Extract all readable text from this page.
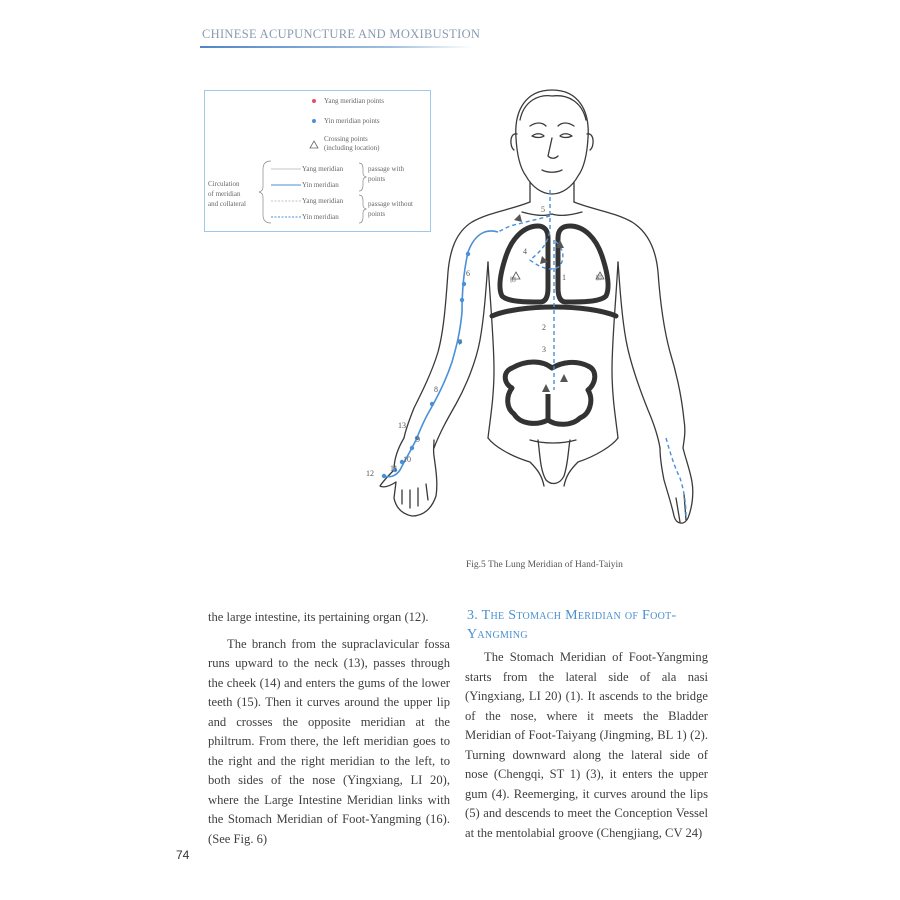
CHINESE ACUPUNCTURE AND MOXIBUSTION
Yang meridian points
Yin meridian points
Crossing points
(including location)
Circulation
of meridian
and collateral
Yang meridian
Yin meridian
Yang meridian
Yin meridian
passage with
points
passage without
points
1
2
3
4
5
6
7
8
9
10
11
12
13
肺	肺
Fig.5 The Lung Meridian of Hand-Taiyin

the large intestine, its pertaining organ (12).

The branch from the supraclavicular fossa runs upward to the neck (13), passes through the cheek (14) and enters the gums of the lower teeth (15). Then it curves around the upper lip and crosses the opposite meridian at the philtrum. From there, the left meridian goes to the right and the right meridian to the left, to both sides of the nose (Yingxiang, LI 20), where the Large Intestine Meridian links with the Stomach Meridian of Foot-Yangming (16). (See Fig. 6)

3. The Stomach Meridian of Foot-Yangming

The Stomach Meridian of Foot-Yangming starts from the lateral side of ala nasi (Yingxiang, LI 20) (1). It ascends to the bridge of the nose, where it meets the Bladder Meridian of Foot-Taiyang (Jingming, BL 1) (2). Turning downward along the lateral side of nose (Chengqi, ST 1) (3), it enters the upper gum (4). Reemerging, it curves around the lips (5) and descends to meet the Conception Vessel at the mentolabial groove (Chengjiang, CV 24)

74
